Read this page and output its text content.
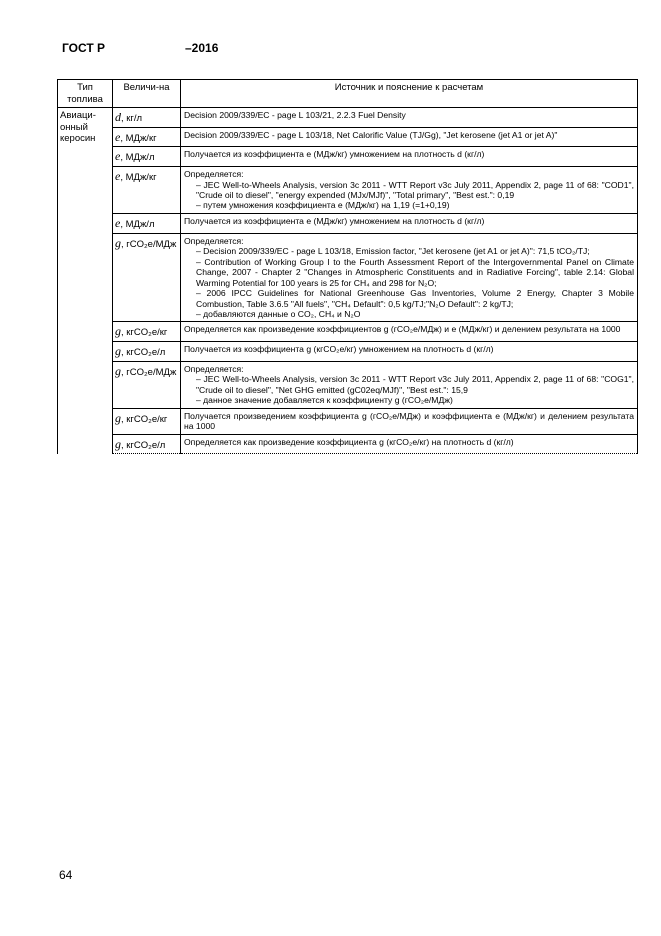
ГОСТ Р	–2016
Тип топлива	Величи-на	Источник и пояснение к расчетам
Авиаци-онный керосин	d, кг/л	Decision 2009/339/EC - page L 103/21, 2.2.3 Fuel Density

	e, МДж/кг	Decision 2009/339/EC - page L 103/18, Net Calorific Value (TJ/Gg), "Jet kerosene (jet A1 or jet A)"

	e, МДж/л	Получается из коэффициента e (МДж/кг) умножением на плотность d (кг/л)

	e, МДж/кг	Определяется:

– JEC Well-to-Wheels Analysis, version 3c 2011 - WTT Report v3c July 2011, Appendix 2, page 11 of 68: "COD1", "Crude oil to diesel", "energy expended (MJx/MJf)", "Total primary", "Best est.": 0,19

– путем умножения коэффициента e (МДж/кг) на 1,19 (=1+0,19)

	e, МДж/л	Получается из коэффициента e (МДж/кг) умножением на плотность d (кг/л)

	g, гCO₂е/МДж	Определяется:

– Decision 2009/339/EC - page L 103/18, Emission factor, "Jet kerosene (jet A1 or jet A)": 71,5 tCO₂/TJ;

– Contribution of Working Group I to the Fourth Assessment Report of the Intergovernmental Panel on Climate Change, 2007 - Chapter 2 "Changes in Atmospheric Constituents and in Radiative Forcing", table 2.14: Global Warming Potential for 100 years is 25 for CH₄ and 298 for N₂O;

– 2006 IPCC Guidelines for National Greenhouse Gas Inventories, Volume 2 Energy, Chapter 3 Mobile Combustion, Table 3.6.5 "All fuels", "CH₄ Default": 0,5 kg/TJ;"N₂O Default": 2 kg/TJ;

– добавляются данные о CO₂, CH₄ и N₂O

	g, кгCO₂е/кг	Определяется как произведение коэффициентов g (гCO₂е/МДж) и e (МДж/кг) и делением результата на 1000

	g, кгCO₂е/л	Получается из коэффициента g (кгCO₂е/кг) умножением на плотность d (кг/л)

	g, гCO₂е/МДж	Определяется:

– JEC Well-to-Wheels Analysis, version 3c 2011 - WTT Report v3c July 2011, Appendix 2, page 11 of 68: "COG1", "Crude oil to diesel", "Net GHG emitted (gC02eq/MJf)", "Best est.": 15,9

– данное значение добавляется к коэффициенту g (гCO₂е/МДж)

	g, кгCO₂е/кг	Получается произведением коэффициента g (гCO₂е/МДж) и коэффициента e (МДж/кг) и делением результата на 1000

	g, кгCO₂е/л	Определяется как произведение коэффициента g (кгCO₂е/кг) на плотность d (кг/л)

64
